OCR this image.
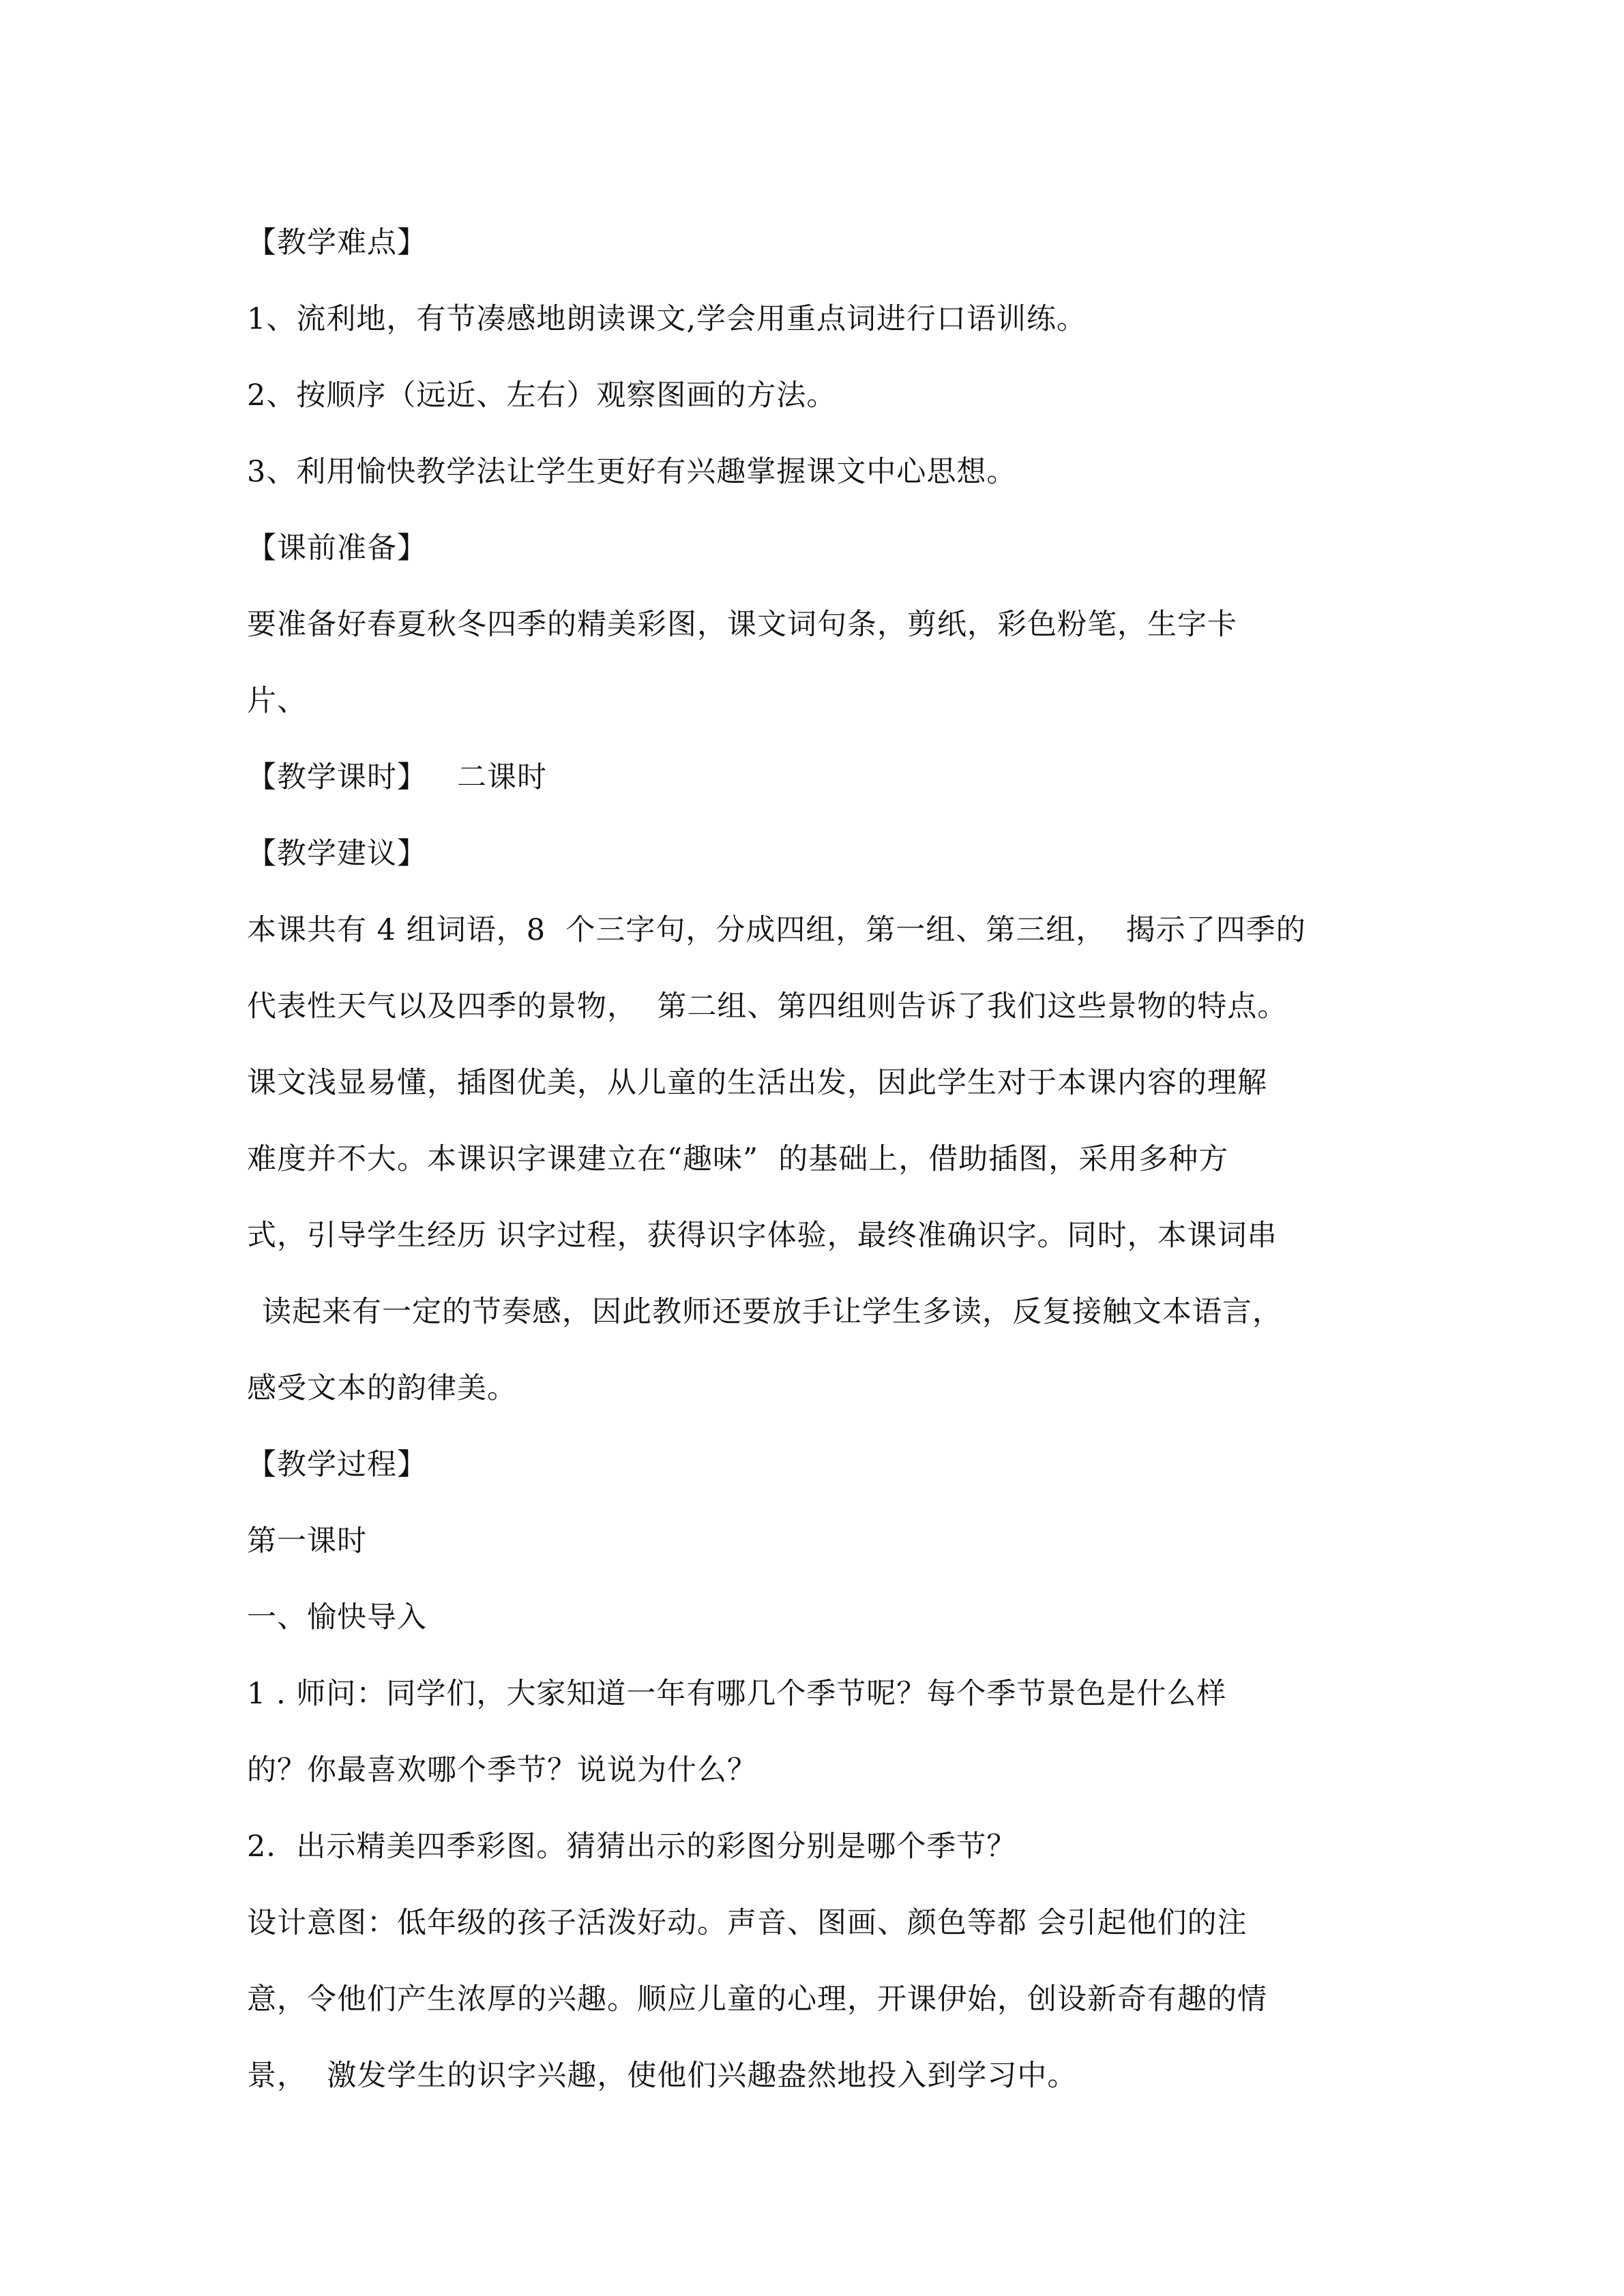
【教学难点】
1、流利地，有节凑感地朗读课文,学会用重点词进行口语训练。
2、按顺序（远近、左右）观察图画的方法。
3、利用愉快教学法让学生更好有兴趣掌握课文中心思想。
【课前准备】
要准备好春夏秋冬四季的精美彩图，课文词句条，剪纸，彩色粉笔，生字卡
片、
【教学课时】   二课时
【教学建议】
本课共有 4 组词语，8  个三字句，分成四组，第一组、第三组，  揭示了四季的
代表性天气以及四季的景物，  第二组、第四组则告诉了我们这些景物的特点。
课文浅显易懂，插图优美，从儿童的生活出发，因此学生对于本课内容的理解
难度并不大。本课识字课建立在“趣味”  的基础上，借助插图，采用多种方
式，引导学生经历 识字过程，获得识字体验，最终准确识字。同时，本课词串
读起来有一定的节奏感，因此教师还要放手让学生多读，反复接触文本语言，
感受文本的韵律美。
【教学过程】
第一课时
一、愉快导入
1 . 师问：同学们，大家知道一年有哪几个季节呢？每个季节景色是什么样
的？你最喜欢哪个季节？说说为什么？
2．出示精美四季彩图。猜猜出示的彩图分别是哪个季节？
设计意图：低年级的孩子活泼好动。声音、图画、颜色等都 会引起他们的注
意，令他们产生浓厚的兴趣。顺应儿童的心理，开课伊始，创设新奇有趣的情
景，  激发学生的识字兴趣，使他们兴趣盎然地投入到学习中。
